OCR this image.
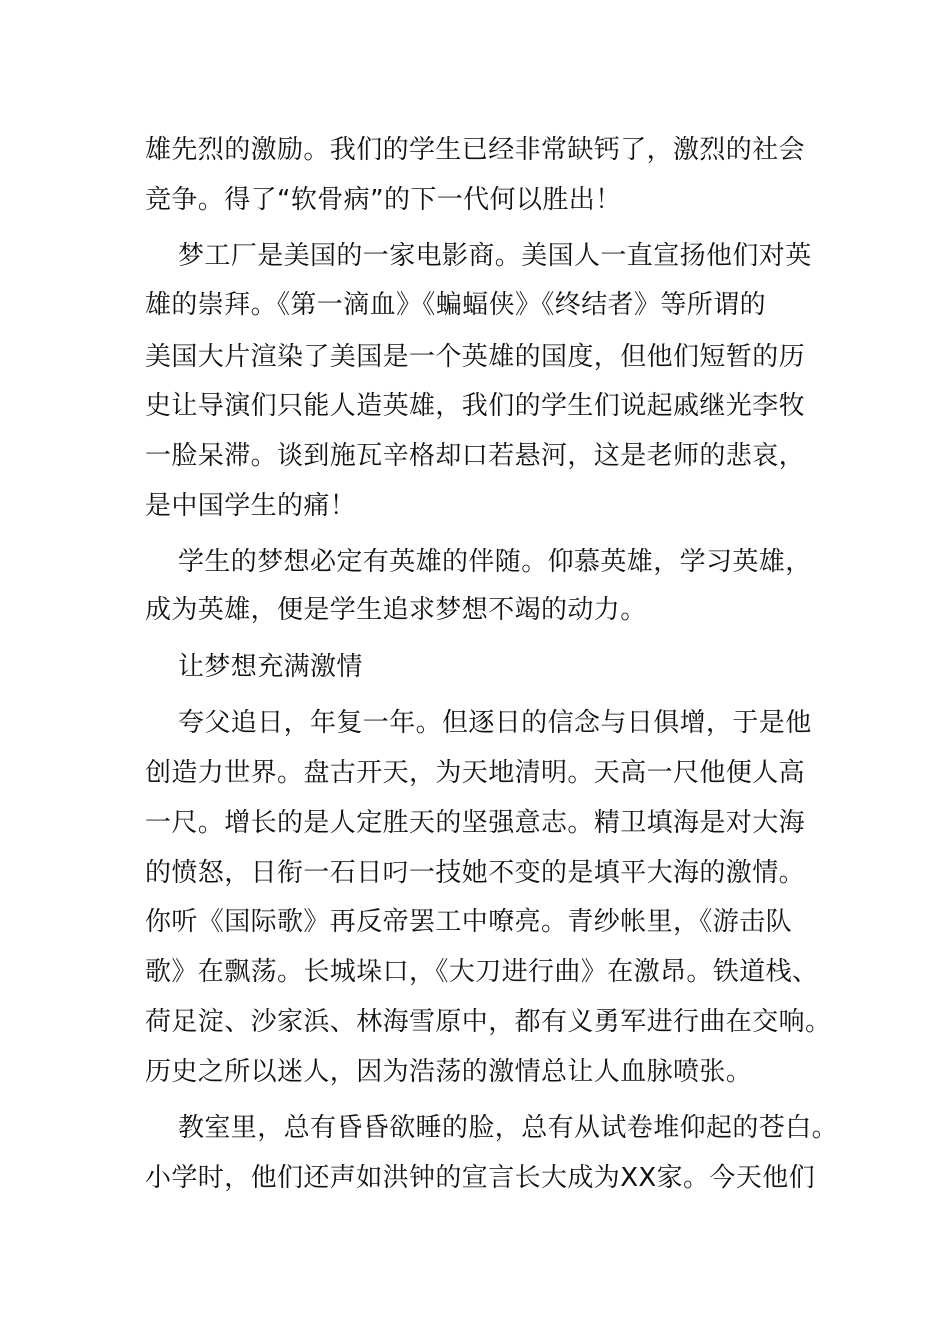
雄先烈的激励。我们的学生已经非常缺钙了，激烈的社会
竞争。得了“软骨病”的下一代何以胜出！
梦工厂是美国的一家电影商。美国人一直宣扬他们对英
雄的崇拜。《第一滴血》《蝙蝠侠》《终结者》等所谓的
美国大片渲染了美国是一个英雄的国度，但他们短暂的历
史让导演们只能人造英雄，我们的学生们说起戚继光李牧
一脸呆滞。谈到施瓦辛格却口若悬河，这是老师的悲哀，
是中国学生的痛！
学生的梦想必定有英雄的伴随。仰慕英雄，学习英雄，
成为英雄，便是学生追求梦想不竭的动力。
让梦想充满激情
夸父追日，年复一年。但逐日的信念与日俱增，于是他
创造力世界。盘古开天，为天地清明。天高一尺他便人高
一尺。增长的是人定胜天的坚强意志。精卫填海是对大海
的愤怒，日衔一石日叼一技她不变的是填平大海的激情。
你听《国际歌》再反帝罢工中嘹亮。青纱帐里，《游击队
歌》在飘荡。长城垛口，《大刀进行曲》在激昂。铁道栈、
荷足淀、沙家浜、林海雪原中，都有义勇军进行曲在交响。
历史之所以迷人，因为浩荡的激情总让人血脉喷张。
教室里，总有昏昏欲睡的脸，总有从试卷堆仰起的苍白。
小学时，他们还声如洪钟的宣言长大成为XX家。今天他们
